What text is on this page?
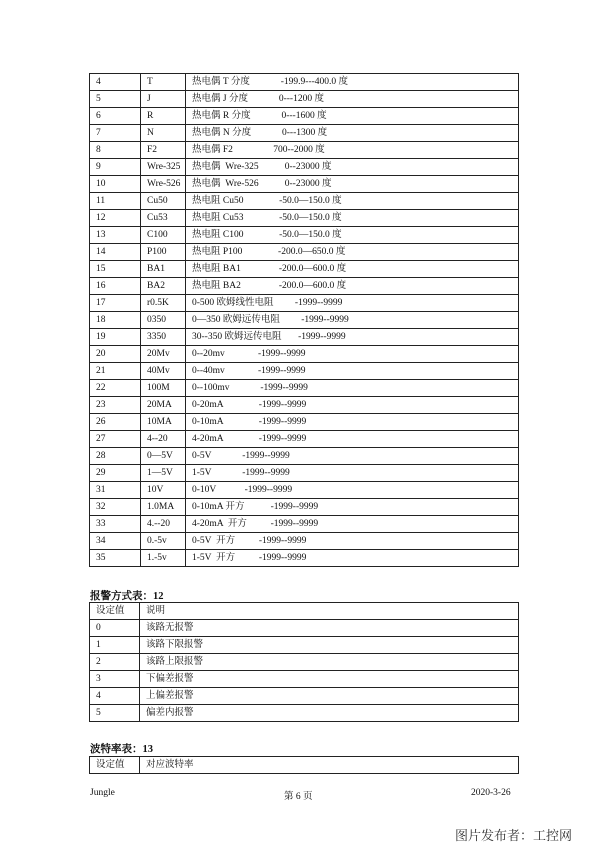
4	T	热电偶 T 分度             -199.9---400.0 度
5	J	热电偶 J 分度             0---1200 度
6	R	热电偶 R 分度             0---1600 度
7	N	热电偶 N 分度             0---1300 度
8	F2	热电偶 F2                 700--2000 度
9	Wre-325	热电偶  Wre-325           0--23000 度
10	Wre-526	热电偶  Wre-526           0--23000 度
11	Cu50	热电阻 Cu50               -50.0—150.0 度
12	Cu53	热电阻 Cu53               -50.0—150.0 度
13	C100	热电阻 C100               -50.0—150.0 度
14	P100	热电阻 P100               -200.0—650.0 度
15	BA1	热电阻 BA1                -200.0—600.0 度
16	BA2	热电阻 BA2                -200.0—600.0 度
17	r0.5K	0-500 欧姆线性电阻         -1999--9999
18	0350	0—350 欧姆远传电阻         -1999--9999
19	3350	30--350 欧姆远传电阻       -1999--9999
20	20Mv	0--20mv              -1999--9999
21	40Mv	0--40mv              -1999--9999
22	100M	0--100mv             -1999--9999
23	20MA	0-20mA               -1999--9999
26	10MA	0-10mA               -1999--9999
27	4--20	4-20mA               -1999--9999
28	0—5V	0-5V             -1999--9999
29	1—5V	1-5V             -1999--9999
31	10V	0-10V            -1999--9999
32	1.0MA	0-10mA 开方           -1999--9999
33	4.--20	4-20mA  开方          -1999--9999
34	0.-5v	0-5V  开方          -1999--9999
35	1.-5v	1-5V  开方          -1999--9999
报警方式表：12
设定值	说明
0	该路无报警
1	该路下限报警
2	该路上限报警
3	下偏差报警
4	上偏差报警
5	偏差内报警
波特率表：13
设定值	对应波特率
Jungle	第 6 页	2020-3-26
图片发布者：工控网
